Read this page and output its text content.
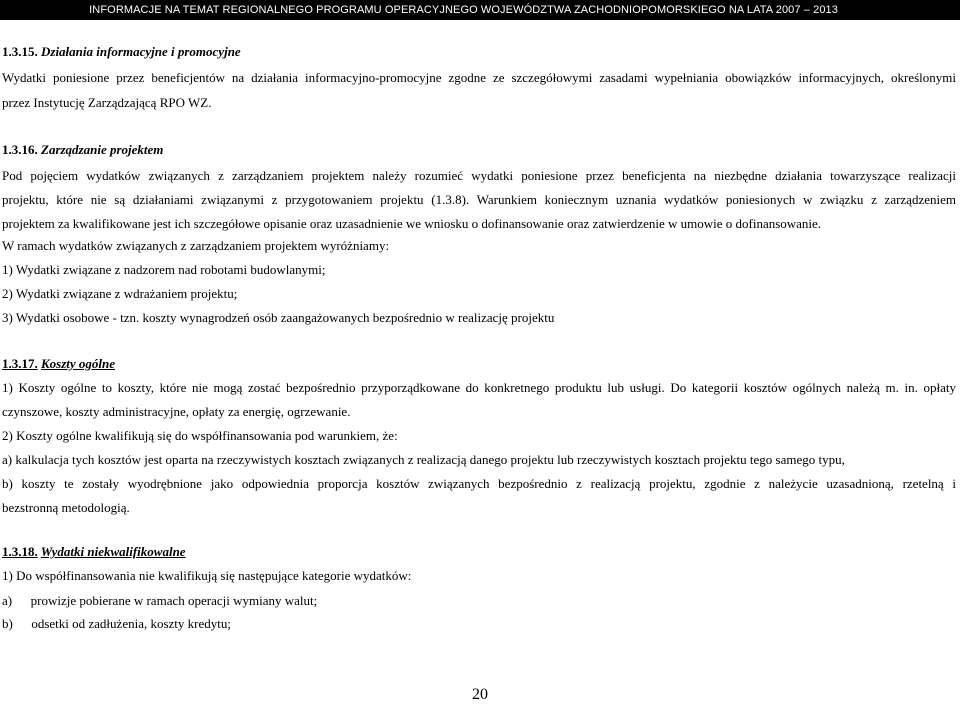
INFORMACJE NA TEMAT REGIONALNEGO PROGRAMU OPERACYJNEGO WOJEWÓDZTWA ZACHODNIOPOMORSKIEGO NA LATA 2007 – 2013
1.3.15. Działania informacyjne i promocyjne
Wydatki poniesione przez beneficjentów na działania informacyjno-promocyjne zgodne ze szczegółowymi zasadami wypełniania obowiązków informacyjnych, określonymi
przez Instytucję Zarządzającą RPO WZ.
1.3.16. Zarządzanie projektem
Pod pojęciem wydatków związanych z zarządzaniem projektem należy rozumieć wydatki poniesione przez beneficjenta na niezbędne działania towarzyszące realizacji
projektu, które nie są działaniami związanymi z przygotowaniem projektu (1.3.8). Warunkiem koniecznym uznania wydatków poniesionych w związku z zarządzeniem
projektem za kwalifikowane jest ich szczegółowe opisanie oraz uzasadnienie we wniosku o dofinansowanie oraz zatwierdzenie w umowie o dofinansowanie.
W ramach wydatków związanych z zarządzaniem projektem wyróżniamy:
1) Wydatki związane z nadzorem nad robotami budowlanymi;
2) Wydatki związane z wdrażaniem projektu;
3) Wydatki osobowe - tzn. koszty wynagrodzeń osób zaangażowanych bezpośrednio w realizację projektu
1.3.17. Koszty ogólne
1) Koszty ogólne to koszty, które nie mogą zostać bezpośrednio przyporządkowane do konkretnego produktu lub usługi. Do kategorii kosztów ogólnych należą m. in. opłaty
czynszowe, koszty administracyjne, opłaty za energię, ogrzewanie.
2) Koszty ogólne kwalifikują się do współfinansowania pod warunkiem, że:
a) kalkulacja tych kosztów jest oparta na rzeczywistych kosztach związanych z realizacją danego projektu lub rzeczywistych kosztach projektu tego samego typu,
b) koszty te zostały wyodrębnione jako odpowiednia proporcja kosztów związanych bezpośrednio z realizacją projektu, zgodnie z należycie uzasadnioną, rzetelną i
bezstronną metodologią.
1.3.18. Wydatki niekwalifikowalne
1) Do współfinansowania nie kwalifikują się następujące kategorie wydatków:
a) prowizje pobierane w ramach operacji wymiany walut;
b) odsetki od zadłużenia, koszty kredytu;
20
